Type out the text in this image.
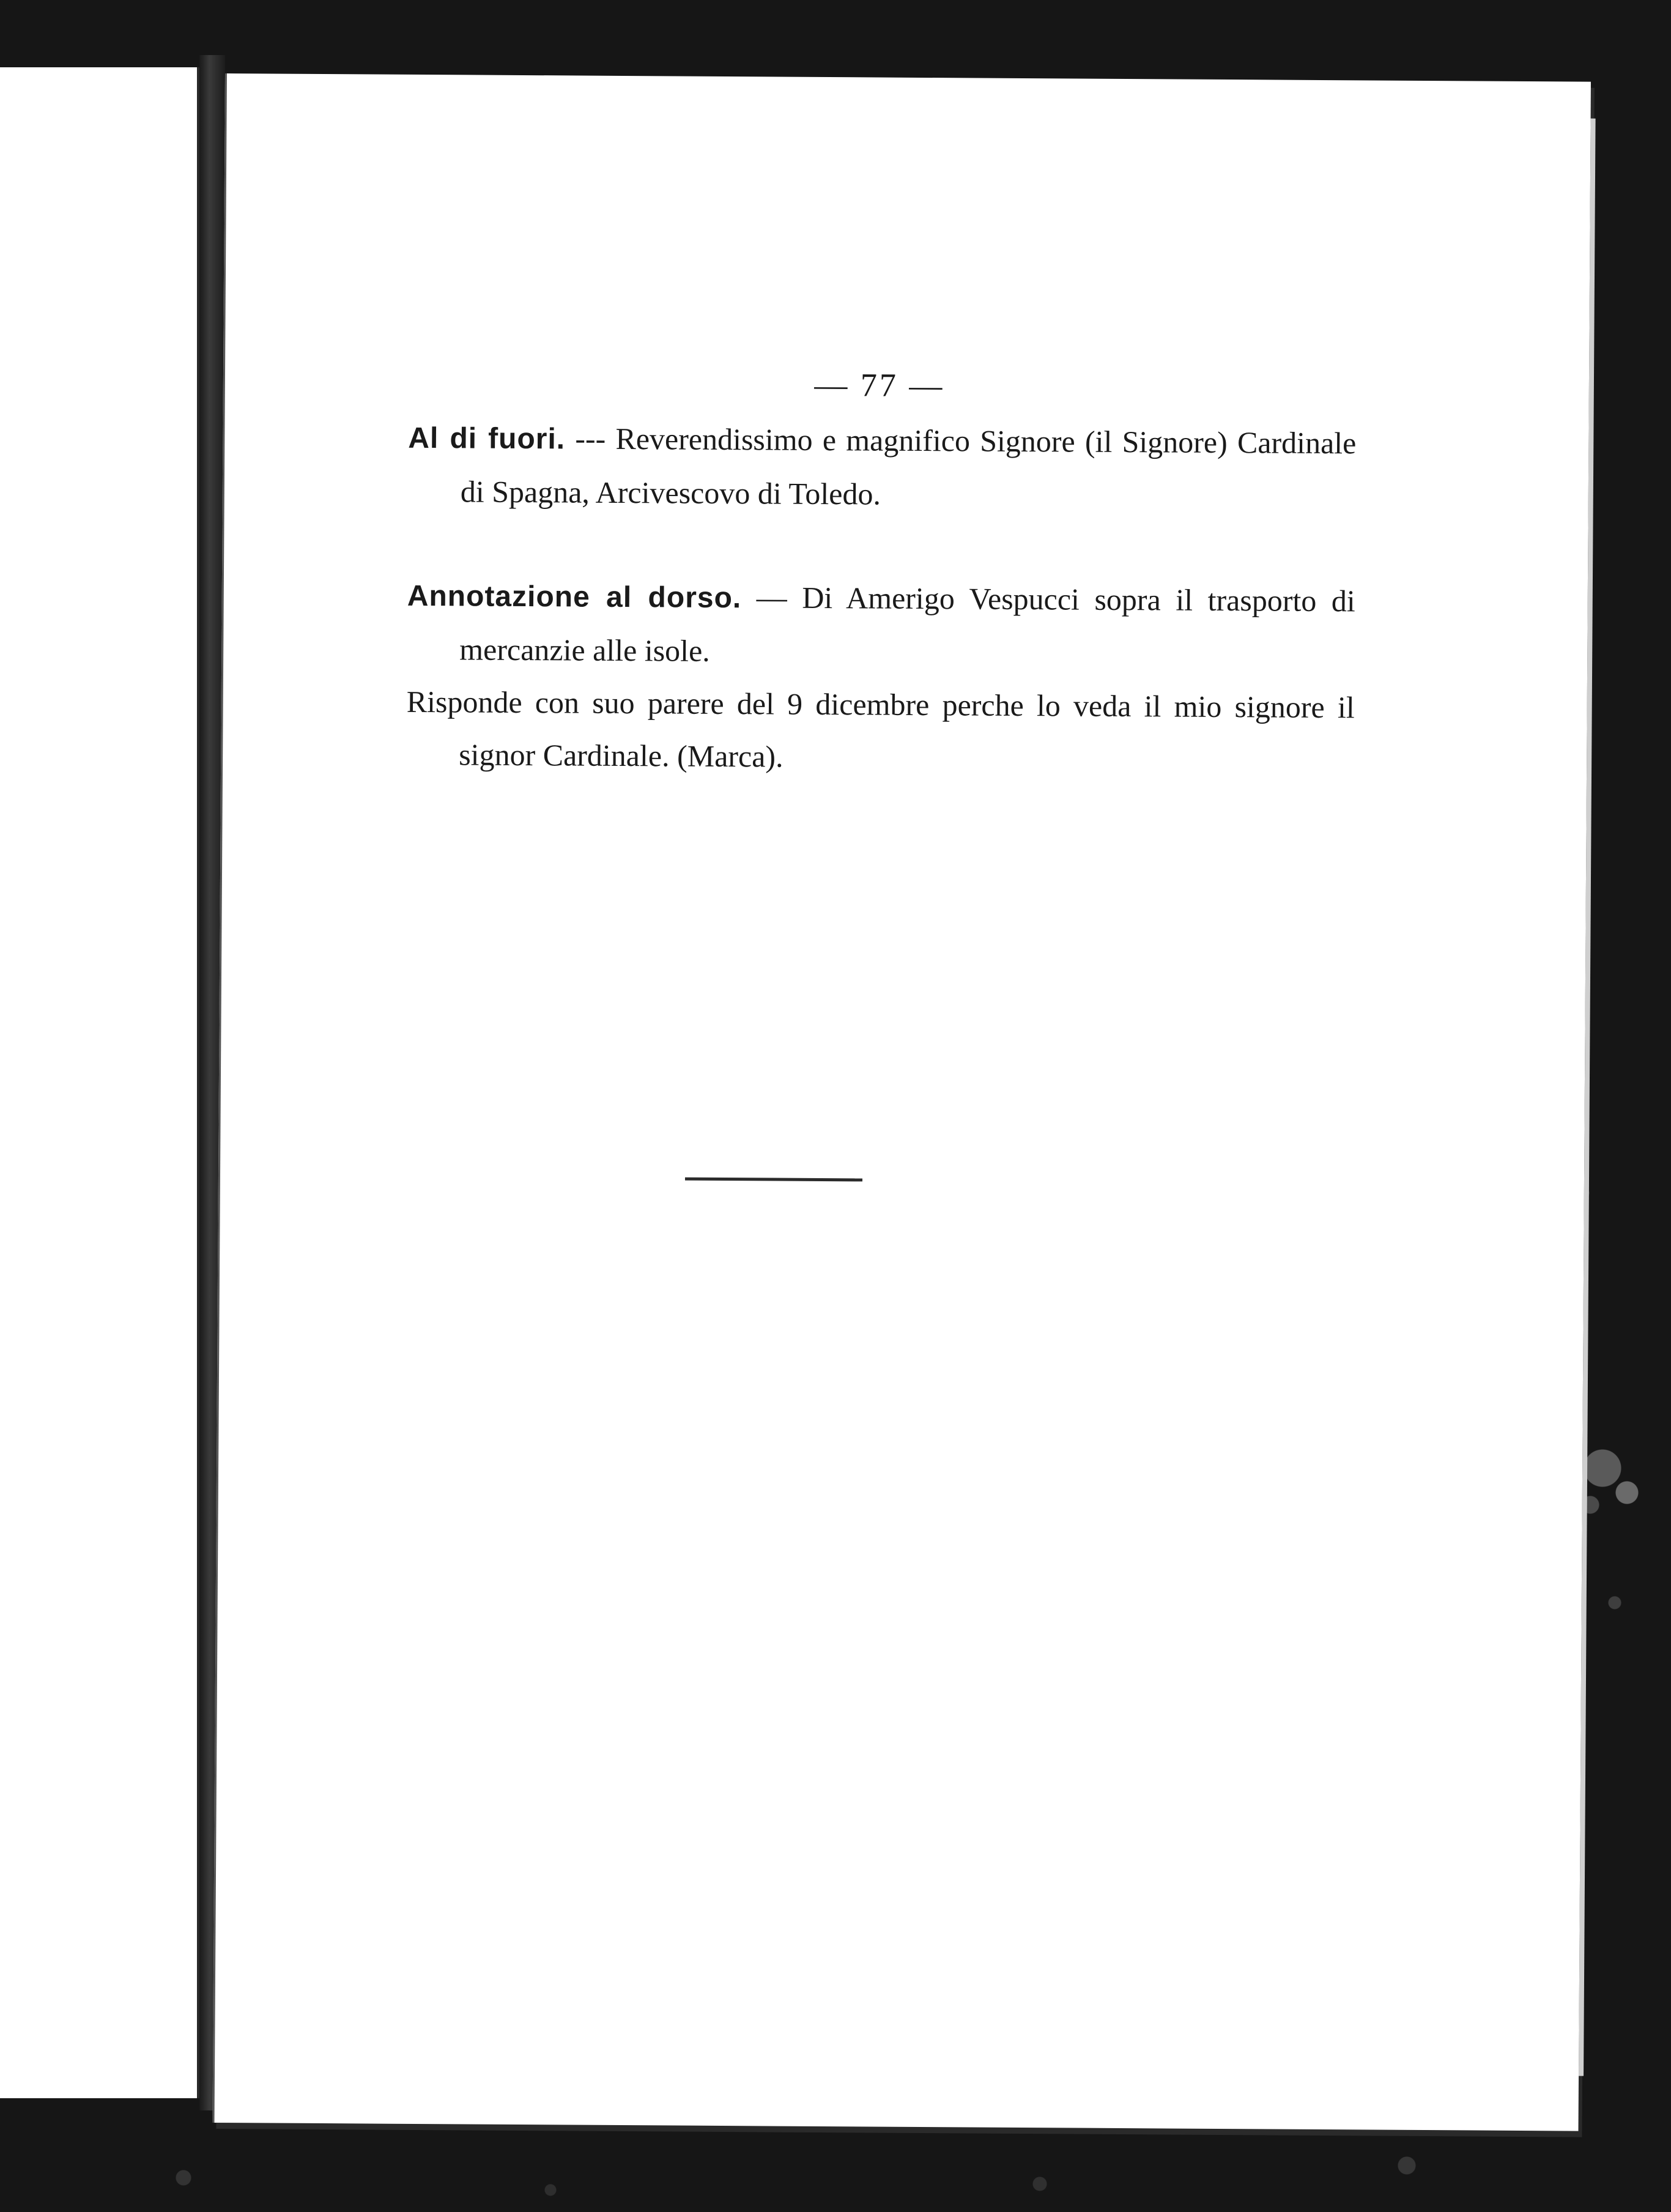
— 77 —

Al di fuori. --- Reverendissimo e magnifico Signore (il Signore) Cardinale di Spagna, Arcivescovo di Toledo.

Annotazione al dorso. — Di Amerigo Vespucci sopra il trasporto di mercanzie alle isole.
Risponde con suo parere del 9 dicembre perche lo veda il mio signore il signor Cardinale. (Marca).
